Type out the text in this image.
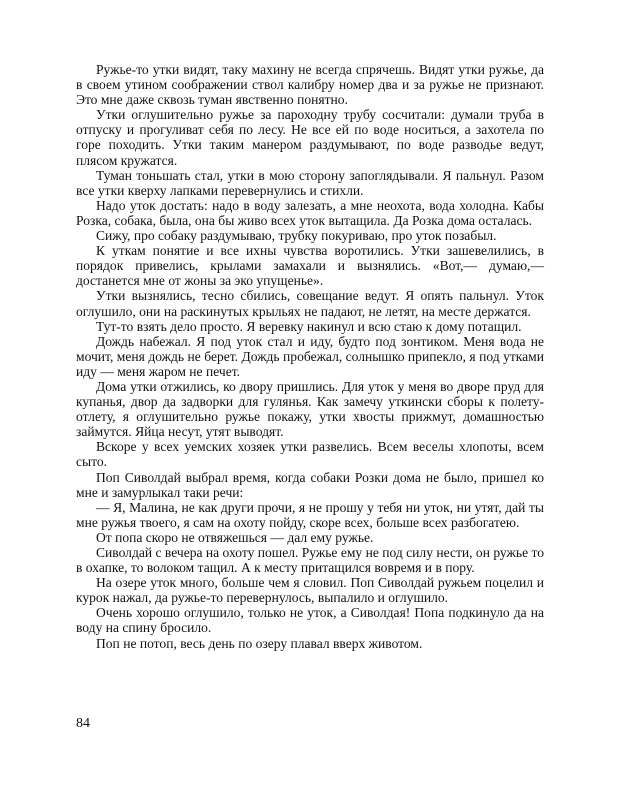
Ружье-то утки видят, таку махину не всегда спрячешь. Видят утки ружье, да в своем утином соображении ствол калибру номер два и за ружье не признают. Это мне даже сквозь туман явственно понятно.

Утки оглушительно ружье за пароходну трубу сосчитали: думали труба в отпуску и прогуливат себя по лесу. Не все ей по воде носиться, а захотела по горе походить. Утки таким манером раздумывают, по воде разводье ведут, плясом кружатся.

Туман тоньшать стал, утки в мою сторону запоглядывали. Я пальнул. Разом все утки кверху лапками перевернулись и стихли.

Надо уток достать: надо в воду залезать, а мне неохота, вода холодна. Кабы Розка, собака, была, она бы живо всех уток вытащила. Да Розка дома осталась.

Сижу, про собаку раздумываю, трубку покуриваю, про уток позабыл.

К уткам понятие и все ихны чувства воротились. Утки зашевелились, в порядок привелись, крылами замахали и вызнялись. «Вот,— думаю,— достанется мне от жоны за эко упущенье».

Утки вызнялись, тесно сбились, совещание ведут. Я опять пальнул. Уток оглушило, они на раскинутых крыльях не падают, не летят, на месте держатся.

Тут-то взять дело просто. Я веревку накинул и всю стаю к дому потащил.

Дождь набежал. Я под уток стал и иду, будто под зонтиком. Меня вода не мочит, меня дождь не берет. Дождь пробежал, солнышко припекло, я под утками иду — меня жаром не печет.

Дома утки отжились, ко двору пришлись. Для уток у меня во дворе пруд для купанья, двор да задворки для гулянья. Как замечу уткински сборы к полету-отлету, я оглушительно ружье покажу, утки хвосты прижмут, домашностью займутся. Яйца несут, утят выводят.

Вскоре у всех уемских хозяек утки развелись. Всем веселы хлопоты, всем сыто.

Поп Сиволдай выбрал время, когда собаки Розки дома не было, пришел ко мне и замурлыкал таки речи:

— Я, Малина, не как други прочи, я не прошу у тебя ни уток, ни утят, дай ты мне ружья твоего, я сам на охоту пойду, скоре всех, больше всех разбогатею.

От попа скоро не отвяжешься — дал ему ружье.

Сиволдай с вечера на охоту пошел. Ружье ему не под силу нести, он ружье то в охапке, то волоком тащил. А к месту притащился вовремя и в пору.

На озере уток много, больше чем я словил. Поп Сиволдай ружьем поцелил и курок нажал, да ружье-то перевернулось, выпалило и оглушило.

Очень хорошо оглушило, только не уток, а Сиволдая! Попа подкинуло да на воду на спину бросило.

Поп не потоп, весь день по озеру плавал вверх животом.

84
